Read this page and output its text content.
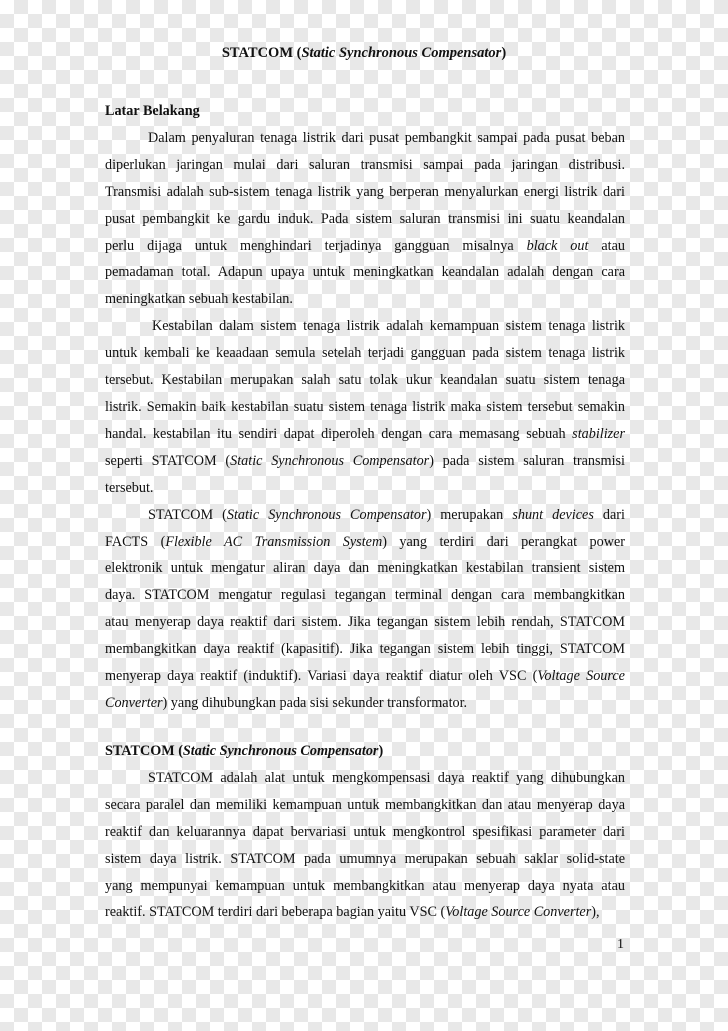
STATCOM (Static Synchronous Compensator)
Latar Belakang
Dalam penyaluran tenaga listrik dari pusat pembangkit sampai pada pusat beban
diperlukan jaringan mulai dari saluran transmisi sampai pada jaringan distribusi.
Transmisi adalah sub-sistem tenaga listrik yang berperan menyalurkan energi listrik dari
pusat pembangkit ke gardu induk. Pada sistem saluran transmisi ini suatu keandalan
perlu dijaga untuk menghindari terjadinya gangguan misalnya black out atau
pemadaman total. Adapun upaya untuk meningkatkan keandalan adalah dengan cara
meningkatkan sebuah kestabilan.
Kestabilan dalam sistem tenaga listrik adalah kemampuan sistem tenaga listrik
untuk kembali ke keaadaan semula setelah terjadi gangguan pada sistem tenaga listrik
tersebut. Kestabilan merupakan salah satu tolak ukur keandalan suatu sistem tenaga
listrik. Semakin baik kestabilan suatu sistem tenaga listrik maka sistem tersebut semakin
handal. kestabilan itu sendiri dapat diperoleh dengan cara memasang sebuah stabilizer
seperti STATCOM (Static Synchronous Compensator) pada sistem saluran transmisi
tersebut.
STATCOM (Static Synchronous Compensator) merupakan shunt devices dari
FACTS (Flexible AC Transmission System) yang terdiri dari perangkat power
elektronik untuk mengatur aliran daya dan meningkatkan kestabilan transient sistem
daya. STATCOM mengatur regulasi tegangan terminal dengan cara membangkitkan
atau menyerap daya reaktif dari sistem. Jika tegangan sistem lebih rendah, STATCOM
membangkitkan daya reaktif (kapasitif). Jika tegangan sistem lebih tinggi, STATCOM
menyerap daya reaktif (induktif). Variasi daya reaktif diatur oleh VSC (Voltage Source
Converter) yang dihubungkan pada sisi sekunder transformator.
STATCOM (Static Synchronous Compensator)
STATCOM adalah alat untuk mengkompensasi daya reaktif yang dihubungkan
secara paralel dan memiliki kemampuan untuk membangkitkan dan atau menyerap daya
reaktif dan keluarannya dapat bervariasi untuk mengkontrol spesifikasi parameter dari
sistem daya listrik. STATCOM pada umumnya merupakan sebuah saklar solid-state
yang mempunyai kemampuan untuk membangkitkan atau menyerap daya nyata atau
reaktif. STATCOM terdiri dari beberapa bagian yaitu VSC (Voltage Source Converter),
1
